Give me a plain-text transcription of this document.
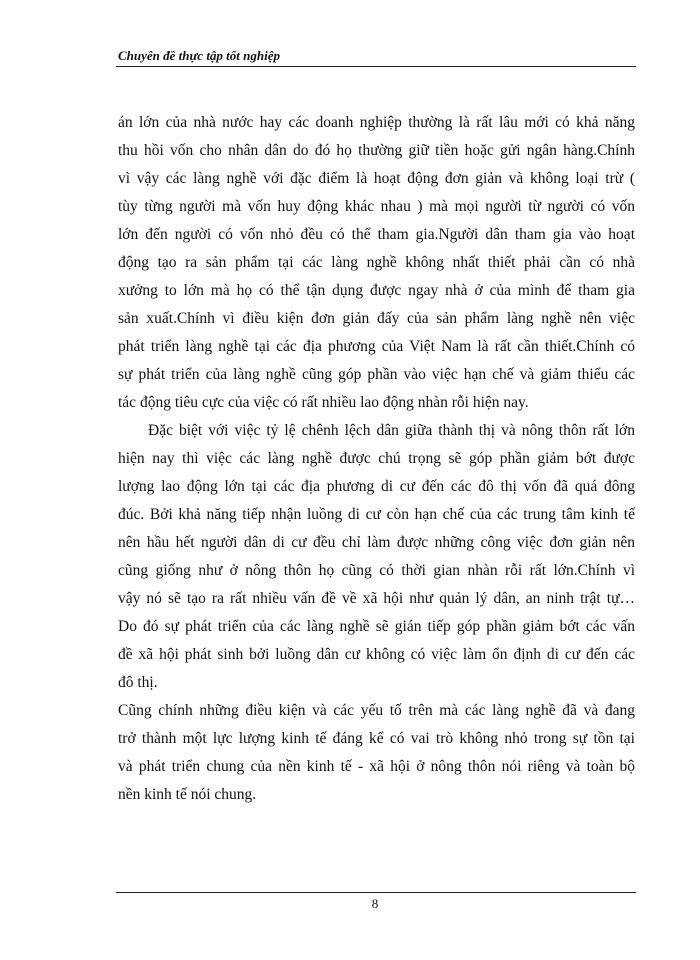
Chuyên đề thực tập tốt nghiệp

án lớn của nhà nước hay các doanh nghiệp thường là rất lâu mới có khả năng
thu hồi vốn cho nhân dân do đó họ thường giữ tiền hoặc gửi ngân hàng.Chính
vì vậy các làng nghề với đặc điểm là hoạt động đơn giản và không loại trừ (
tùy từng người mà vốn huy động khác nhau ) mà mọi người từ người có vốn
lớn đến người có vốn nhỏ đều có thể tham gia.Người dân tham gia vào hoạt
động tạo ra sản phẩm tại các làng nghề không nhất thiết phải cần có nhà
xưởng to lớn mà họ có thể tận dụng được ngay nhà ở của mình để tham gia
sản xuất.Chính vì điều kiện đơn giản đấy của sản phẩm làng nghề nên việc
phát triển làng nghề tại các địa phương của Việt Nam là rất cần thiết.Chính có
sự phát triển của làng nghề cũng góp phần vào việc hạn chế và giảm thiểu các
tác động tiêu cực của việc có rất nhiều lao động nhàn rỗi hiện nay.

Đặc biệt với việc tỷ lệ chênh lệch dân giữa thành thị và nông thôn rất lớn
hiện nay thì việc các làng nghề được chú trọng sẽ góp phần giảm bớt được
lượng lao động lớn tại các địa phương di cư đến các đô thị vốn đã quá đông
đúc. Bởi khả năng tiếp nhận luồng di cư còn hạn chế của các trung tâm kinh tế
nên hầu hết người dân di cư đều chỉ làm được những công việc đơn giản nên
cũng giống như ở nông thôn họ cũng có thời gian nhàn rỗi rất lớn.Chính vì
vậy nó sẽ tạo ra rất nhiều vấn đề về xã hội như quản lý dân, an ninh trật tự…
Do đó sự phát triển của các làng nghề sẽ gián tiếp góp phần giảm bớt các vấn
đề xã hội phát sinh bởi luồng dân cư không có việc làm ổn định di cư đến các
đô thị.

Cũng chính những điều kiện và các yếu tố trên mà các làng nghề đã và đang
trở thành một lực lượng kinh tế đáng kể có vai trò không nhỏ trong sự tồn tại
và phát triển chung của nền kinh tế - xã hội ở nông thôn nói riêng và toàn bộ
nền kinh tế nói chung.

8
